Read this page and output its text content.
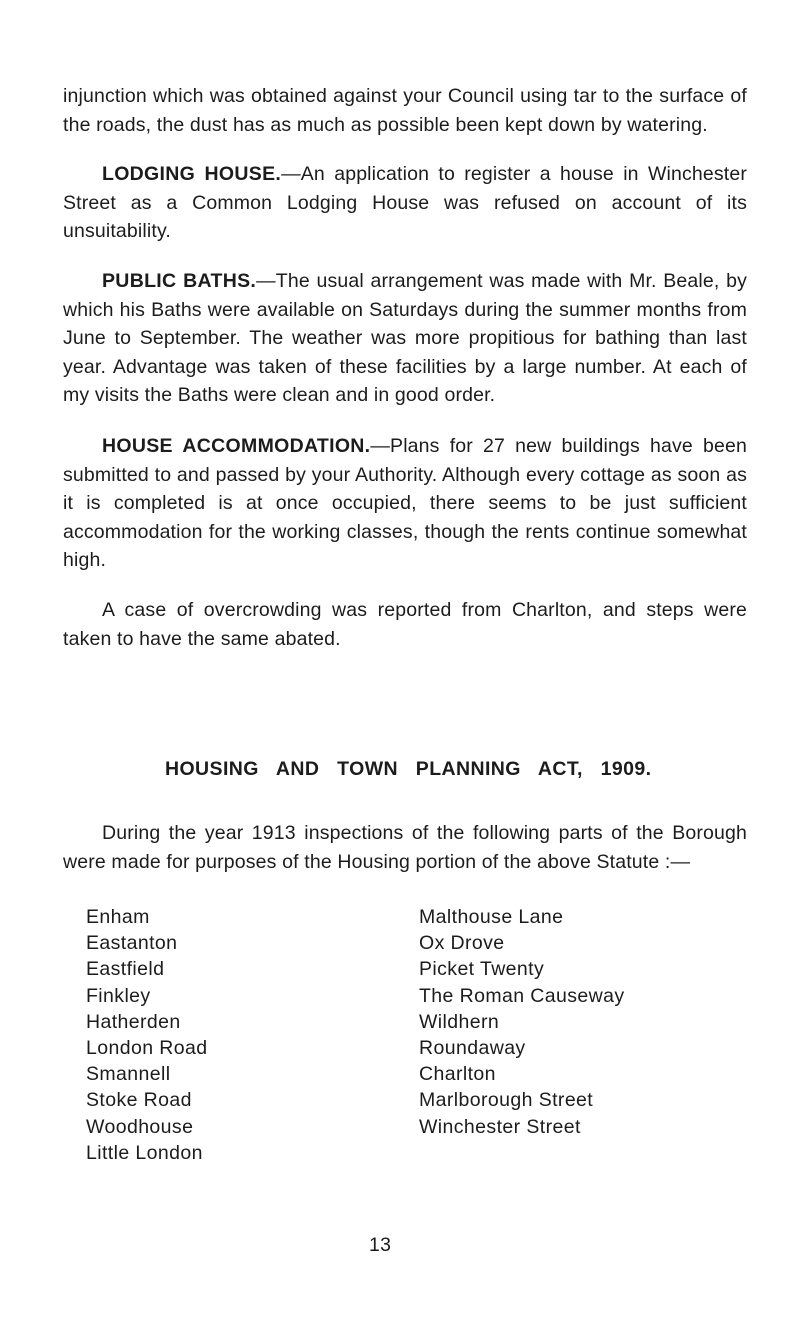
injunction which was obtained against your Council using tar to the surface of the roads, the dust has as much as possible been kept down by watering.

LODGING HOUSE.—An application to register a house in Winchester Street as a Common Lodging House was refused on account of its unsuitability.

PUBLIC BATHS.—The usual arrangement was made with Mr. Beale, by which his Baths were available on Saturdays during the summer months from June to September. The weather was more propitious for bathing than last year. Advantage was taken of these facilities by a large number. At each of my visits the Baths were clean and in good order.

HOUSE ACCOMMODATION.—Plans for 27 new buildings have been submitted to and passed by your Authority. Although every cottage as soon as it is completed is at once occupied, there seems to be just sufficient accommodation for the working classes, though the rents continue somewhat high.

A case of overcrowding was reported from Charlton, and steps were taken to have the same abated.

HOUSING AND TOWN PLANNING ACT, 1909.

During the year 1913 inspections of the following parts of the Borough were made for purposes of the Housing portion of the above Statute :—

Enham
Eastanton
Eastfield
Finkley
Hatherden
London Road
Smannell
Stoke Road
Woodhouse
Little London
Malthouse Lane
Ox Drove
Picket Twenty
The Roman Causeway
Wildhern
Roundaway
Charlton
Marlborough Street
Winchester Street
13
